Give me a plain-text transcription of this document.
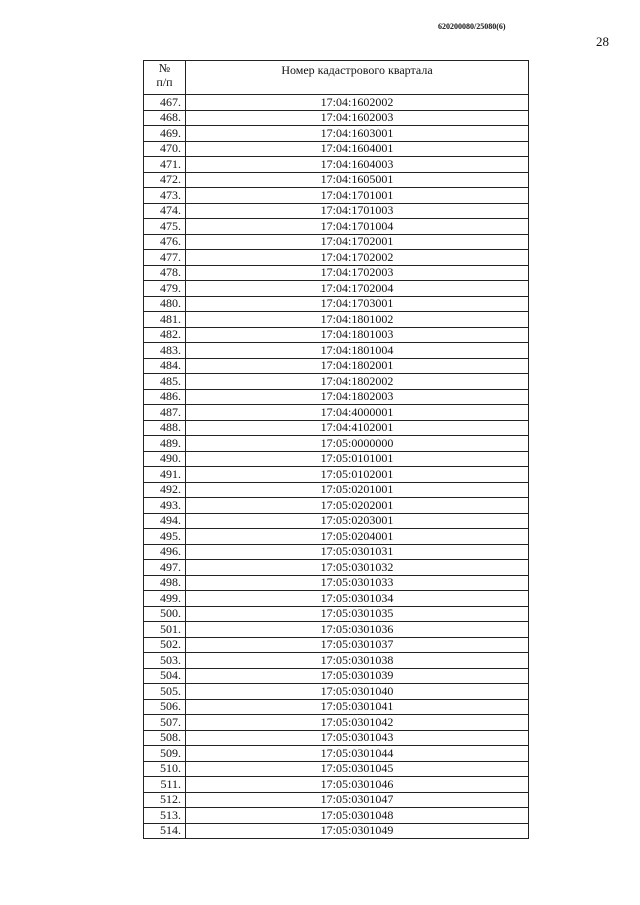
620200080/25080(6)
28
№
п/п	Номер кадастрового квартала
467.	17:04:1602002
468.	17:04:1602003
469.	17:04:1603001
470.	17:04:1604001
471.	17:04:1604003
472.	17:04:1605001
473.	17:04:1701001
474.	17:04:1701003
475.	17:04:1701004
476.	17:04:1702001
477.	17:04:1702002
478.	17:04:1702003
479.	17:04:1702004
480.	17:04:1703001
481.	17:04:1801002
482.	17:04:1801003
483.	17:04:1801004
484.	17:04:1802001
485.	17:04:1802002
486.	17:04:1802003
487.	17:04:4000001
488.	17:04:4102001
489.	17:05:0000000
490.	17:05:0101001
491.	17:05:0102001
492.	17:05:0201001
493.	17:05:0202001
494.	17:05:0203001
495.	17:05:0204001
496.	17:05:0301031
497.	17:05:0301032
498.	17:05:0301033
499.	17:05:0301034
500.	17:05:0301035
501.	17:05:0301036
502.	17:05:0301037
503.	17:05:0301038
504.	17:05:0301039
505.	17:05:0301040
506.	17:05:0301041
507.	17:05:0301042
508.	17:05:0301043
509.	17:05:0301044
510.	17:05:0301045
511.	17:05:0301046
512.	17:05:0301047
513.	17:05:0301048
514.	17:05:0301049
